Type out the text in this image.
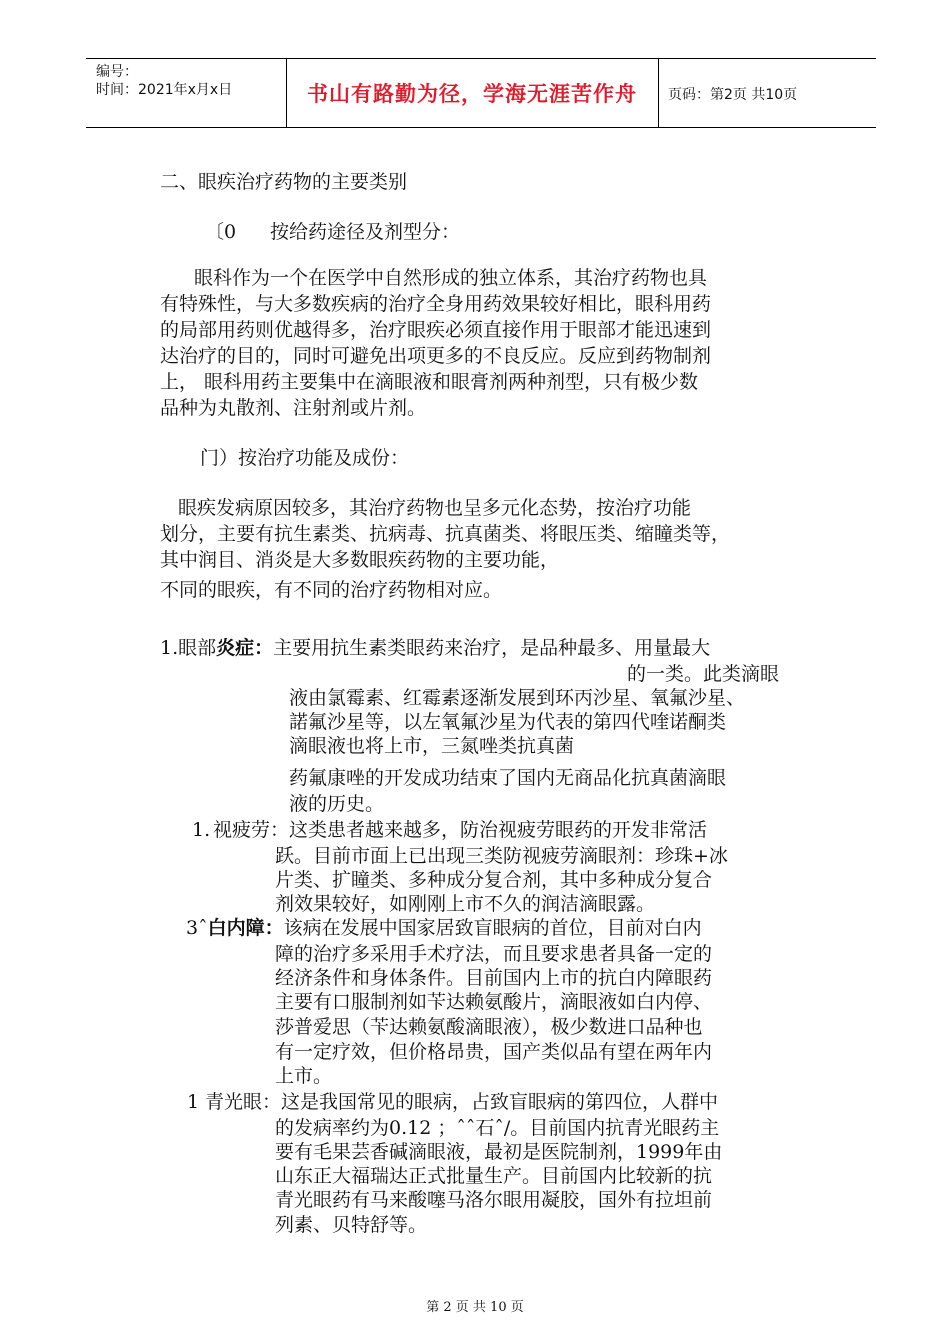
编号：
时间：2021年x月x日	书山有路勤为径，学海无涯苦作舟	页码：第2页 共10页
二、眼疾治疗药物的主要类别
〔0 按给药途径及剂型分：
眼科作为一个在医学中自然形成的独立体系，其治疗药物也具
有特殊性，与大多数疾病的治疗全身用药效果较好相比，眼科用药
的局部用药则优越得多，治疗眼疾必须直接作用于眼部才能迅速到
达治疗的目的，同时可避免出项更多的不良反应。反应到药物制剂
上， 眼科用药主要集中在滴眼液和眼膏剂两种剂型，只有极少数
品种为丸散剂、注射剂或片剂。
门）按治疗功能及成份：
眼疾发病原因较多，其治疗药物也呈多元化态势，按治疗功能
划分，主要有抗生素类、抗病毒、抗真菌类、将眼压类、缩瞳类等，
其中润目、消炎是大多数眼疾药物的主要功能，
不同的眼疾，有不同的治疗药物相对应。
1.眼部炎症：主要用抗生素类眼药来治疗，是品种最多、用量最大
的一类。此类滴眼
液由氯霉素、红霉素逐渐发展到环丙沙星、氧氟沙星、
諾氟沙星等，以左氧氟沙星为代表的第四代喹诺酮类
滴眼液也将上市，三氮唑类抗真菌
药氟康唑的开发成功结束了国内无商品化抗真菌滴眼
液的历史。
1. 视疲劳：这类患者越来越多，防治视疲劳眼药的开发非常活
跃。目前市面上已出现三类防视疲劳滴眼剂：珍珠+冰
片类、扩瞳类、多种成分复合剂，其中多种成分复合
剂效果较好，如刚刚上市不久的润洁滴眼露。
3ˆ白内障：该病在发展中国家居致盲眼病的首位，目前对白内
障的治疗多采用手术疗法，而且要求患者具备一定的
经济条件和身体条件。目前国内上市的抗白内障眼药
主要有口服制剂如苄达赖氨酸片，滴眼液如白内停、
莎普爱思（苄达赖氨酸滴眼液），极少数进口品种也
有一定疗效，但价格昂贵，国产类似品有望在两年内
上市。
1 青光眼：这是我国常见的眼病，占致盲眼病的第四位，人群中
的发病率约为0.12 ；ˆˆ石ˆ/。目前国内抗青光眼药主
要有毛果芸香碱滴眼液，最初是医院制剂，1999年由
山东正大福瑞达正式批量生产。目前国内比较新的抗
青光眼药有马来酸噻马洛尔眼用凝胶，国外有拉坦前
列素、贝特舒等。
第 2 页 共 10 页
